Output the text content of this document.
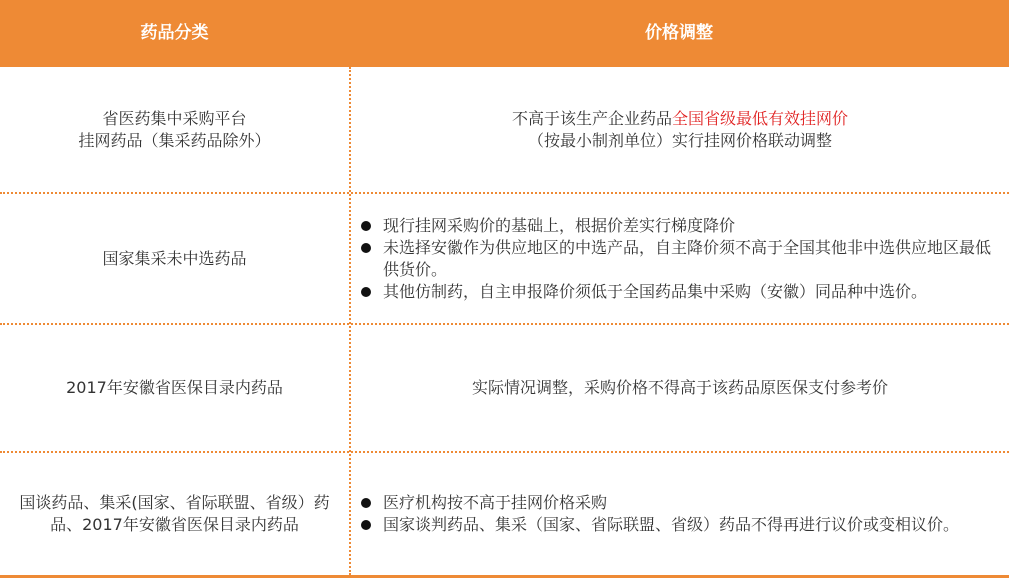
药品分类	价格调整
省医药集中采购平台
挂网药品（集采药品除外）
不高于该生产企业药品全国省级最低有效挂网价
（按最小制剂单位）实行挂网价格联动调整
国家集采未中选药品
现行挂网采购价的基础上，根据价差实行梯度降价
未选择安徽作为供应地区的中选产品，自主降价须不高于全国其他非中选供应地区最低供货价。
其他仿制药，自主申报降价须低于全国药品集中采购（安徽）同品种中选价。
2017年安徽省医保目录内药品	实际情况调整，采购价格不得高于该药品原医保支付参考价
国谈药品、集采(国家、省际联盟、省级）药品、2017年安徽省医保目录内药品
医疗机构按不高于挂网价格采购
国家谈判药品、集采（国家、省际联盟、省级）药品不得再进行议价或变相议价。
